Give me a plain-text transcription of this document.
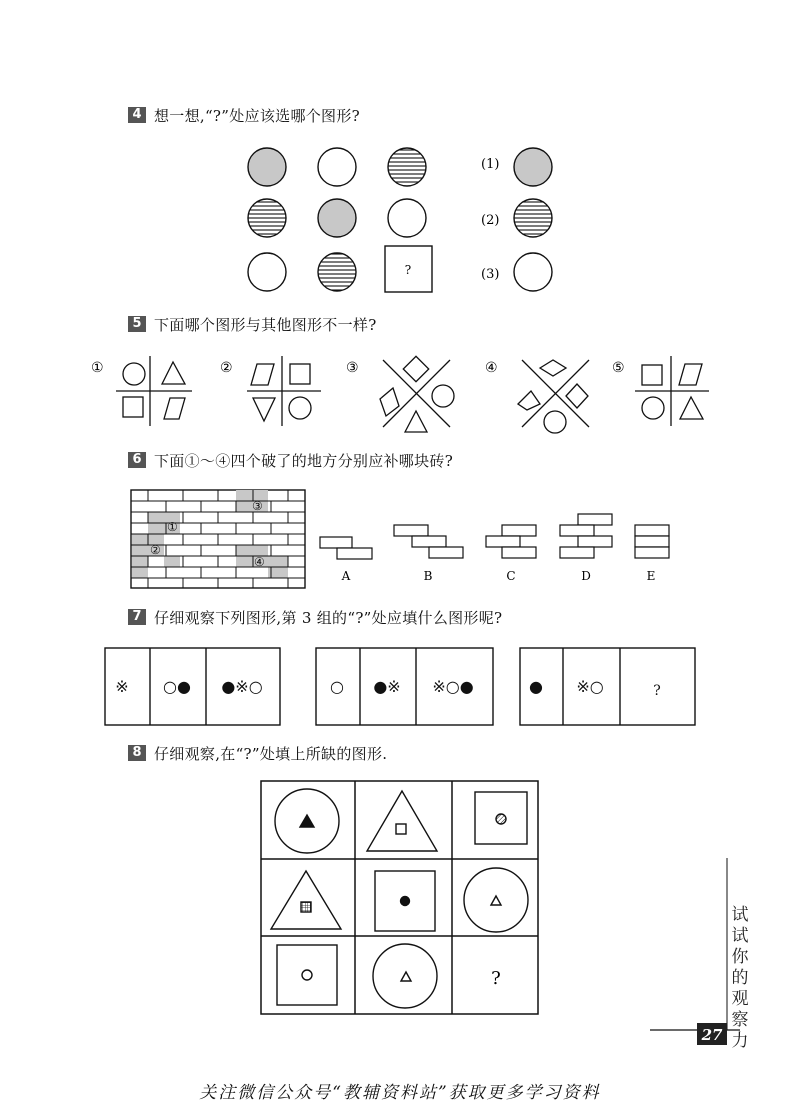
4 想一想,“?”处应该选哪个图形?
?
(1)
(2)
(3)
①	②	③	④	⑤
①
②
③
④
A	B	C	D	E
※ ○● ●※○	○ ●※ ※○●	● ※○	?
?
27
5 下面哪个图形与其他图形不一样?
6 下面①～④四个破了的地方分别应补哪块砖?
7 仔细观察下列图形,第 3 组的“?”处应填什么图形呢?
8 仔细观察,在“?”处填上所缺的图形.
试试你的观察力
关注微信公众号“教辅资料站”获取更多学习资料
